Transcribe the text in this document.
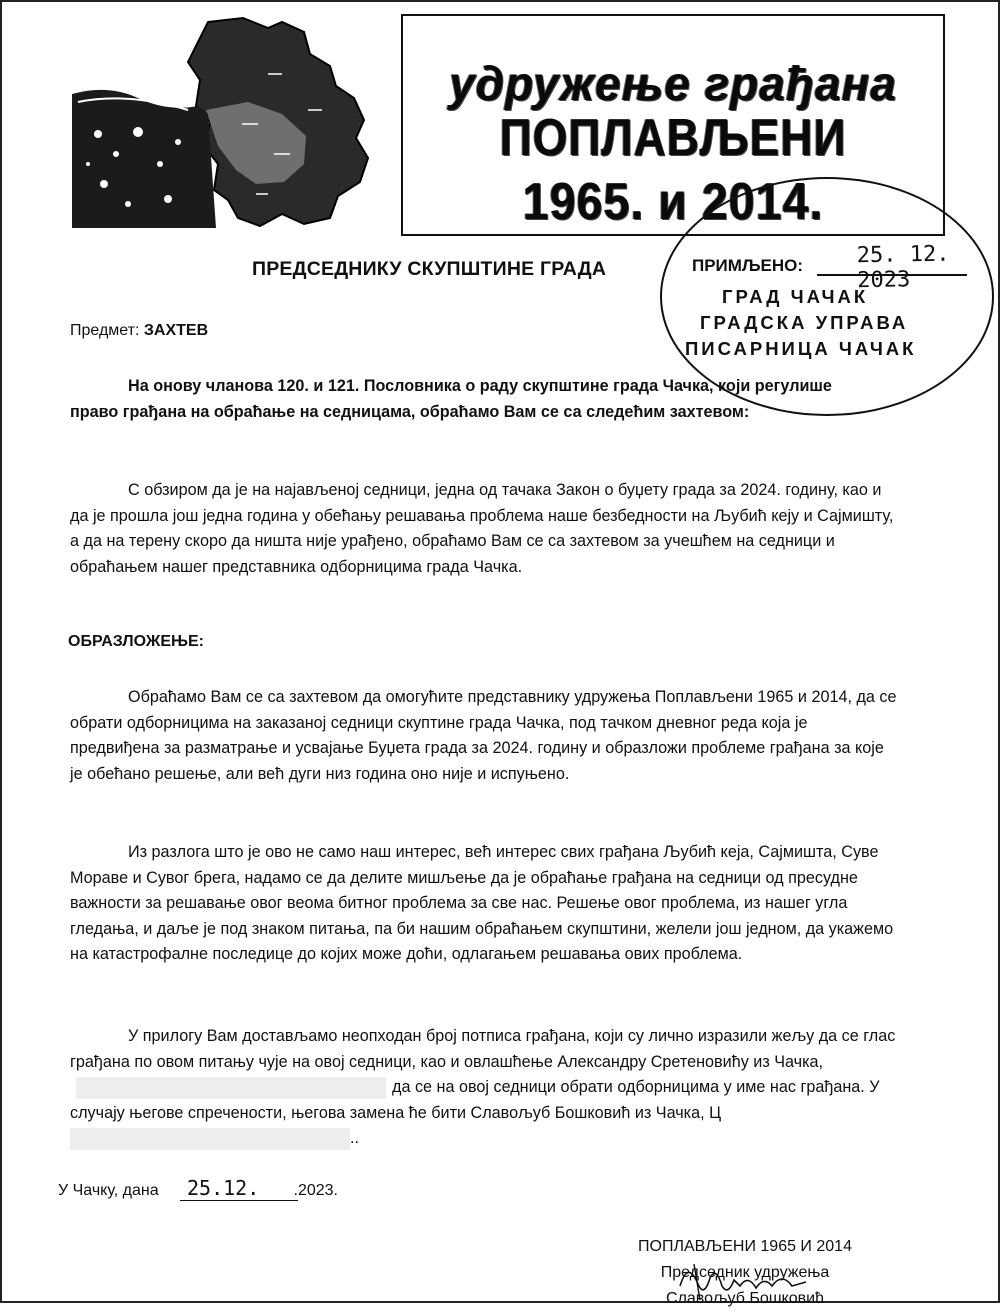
удружење грађана
ПОПЛАВЉЕНИ
1965. и 2014.
ПРЕДСЕДНИКУ СКУПШТИНЕ ГРАДА	ПРИМЉЕНО: 25. 12. 2023
ГРАД ЧАЧАК
ГРАДСКА УПРАВА
ПИСАРНИЦА ЧАЧАК
Предмет: ЗАХТЕВ

На онову чланова 120. и 121. Пословника о раду скупштине града Чачка, који регулише право грађана на обраћање на седницама, обраћамо Вам се са следећим захтевом:

С обзиром да је на најављеној седници, једна од тачака Закон о буџету града за 2024. годину, као и да је прошла још једна година у обећању решавања проблема наше безбедности на Љубић кеју и Сајмишту, а да на терену скоро да ништа није урађено, обраћамо Вам се са захтевом за учешћем на седници и обраћањем нашег представника одборницима града Чачка.

ОБРАЗЛОЖЕЊЕ:

Обраћамо Вам се са захтевом да омогућите представнику удружења Поплављени 1965 и 2014, да се обрати одборницима на заказаној седници скуптине града Чачка, под тачком дневног реда која је предвиђена за разматрање и усвајање Буџета града за 2024. годину и образложи проблеме грађана за које је обећано решење, али већ дуги низ година оно није и испуњено.

Из разлога што је ово не само наш интерес, већ интерес свих грађана Љубић кеја, Сајмишта, Суве Мораве и Сувог брега, надамо се да делите мишљење да је обраћање грађана на седници од пресудне важности за решавање овог веома битног проблема за све нас. Решење овог проблема, из нашег угла гледања, и даље је под знаком питања, па би нашим обраћањем скупштини, желели још једном, да укажемо на катастрофалне последице до којих може доћи, одлагањем решавања ових проблема.

У прилогу Вам достављамо неопходан број потписа грађана, који су лично изразили жељу да се глас грађана по овом питању чује на овој седници, као и овлашћење Александру Сретеновићу из Чачка,да се на овој седници обрати одборницима у име нас грађана. У случају његове спречености, његова замена ће бити Славољуб Бошковић из Чачка, Ц..

У Чачку, дана	.2023.
25.12.
ПОПЛАВЉЕНИ 1965 И 2014
Председник удружења
Славољуб Бошковић
